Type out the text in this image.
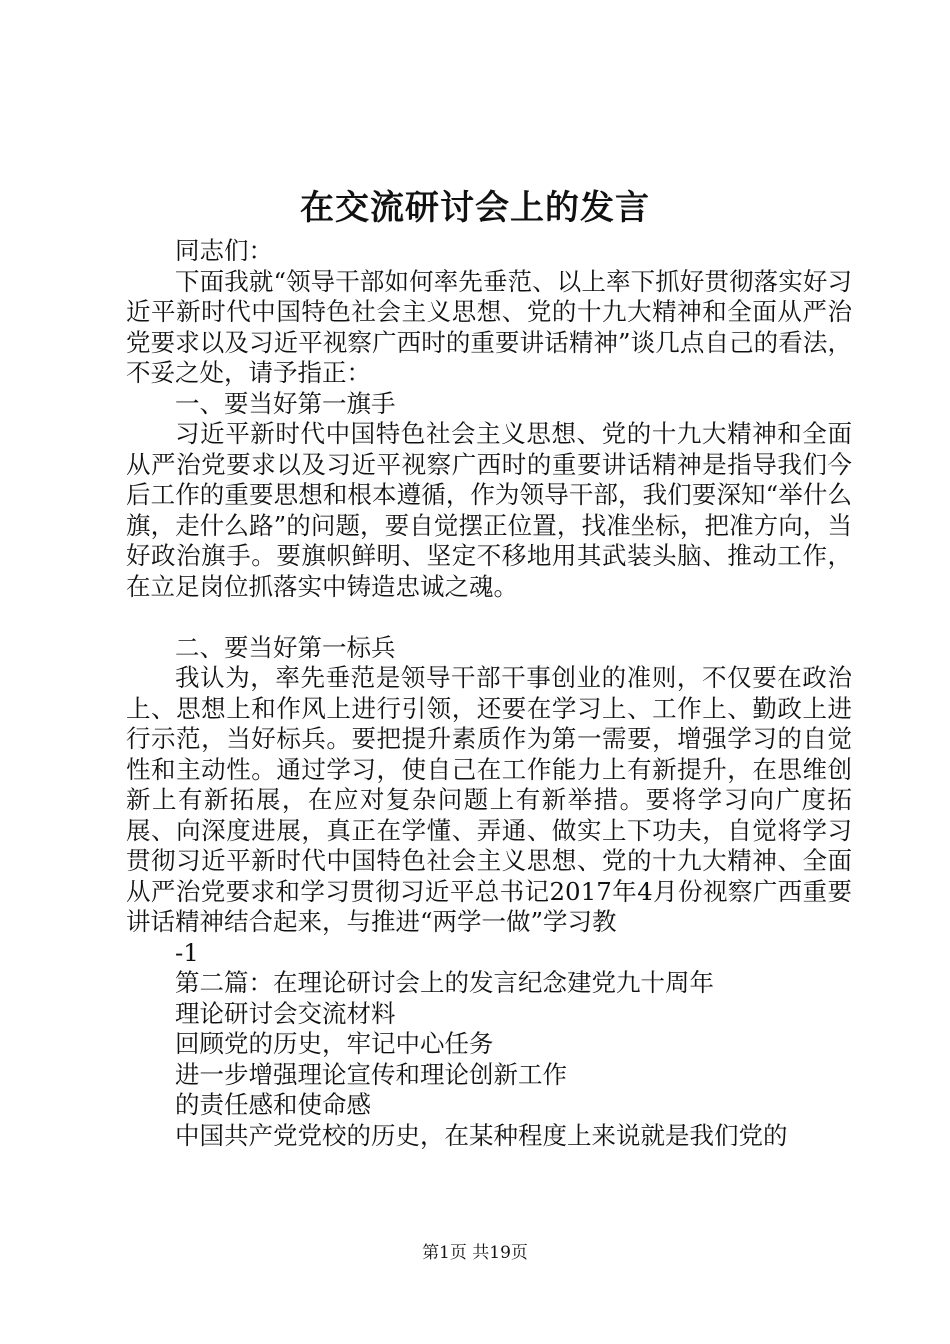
在交流研讨会上的发言

同志们：

下面我就“领导干部如何率先垂范、以上率下抓好贯彻落实好习近平新时代中国特色社会主义思想、党的十九大精神和全面从严治党要求以及习近平视察广西时的重要讲话精神”谈几点自己的看法，不妥之处，请予指正：

一、要当好第一旗手

习近平新时代中国特色社会主义思想、党的十九大精神和全面从严治党要求以及习近平视察广西时的重要讲话精神是指导我们今后工作的重要思想和根本遵循，作为领导干部，我们要深知“举什么旗，走什么路”的问题，要自觉摆正位置，找准坐标，把准方向，当好政治旗手。要旗帜鲜明、坚定不移地用其武装头脑、推动工作，在立足岗位抓落实中铸造忠诚之魂。

二、要当好第一标兵

我认为，率先垂范是领导干部干事创业的准则，不仅要在政治上、思想上和作风上进行引领，还要在学习上、工作上、勤政上进行示范，当好标兵。要把提升素质作为第一需要，增强学习的自觉性和主动性。通过学习，使自己在工作能力上有新提升，在思维创新上有新拓展，在应对复杂问题上有新举措。要将学习向广度拓展、向深度进展，真正在学懂、弄通、做实上下功夫，自觉将学习贯彻习近平新时代中国特色社会主义思想、党的十九大精神、全面从严治党要求和学习贯彻习近平总书记2017年4月份视察广西重要讲话精神结合起来，与推进“两学一做”学习教

-1

第二篇：在理论研讨会上的发言纪念建党九十周年

理论研讨会交流材料

回顾党的历史，牢记中心任务

进一步增强理论宣传和理论创新工作

的责任感和使命感

中国共产党党校的历史，在某种程度上来说就是我们党的

第1页 共19页
